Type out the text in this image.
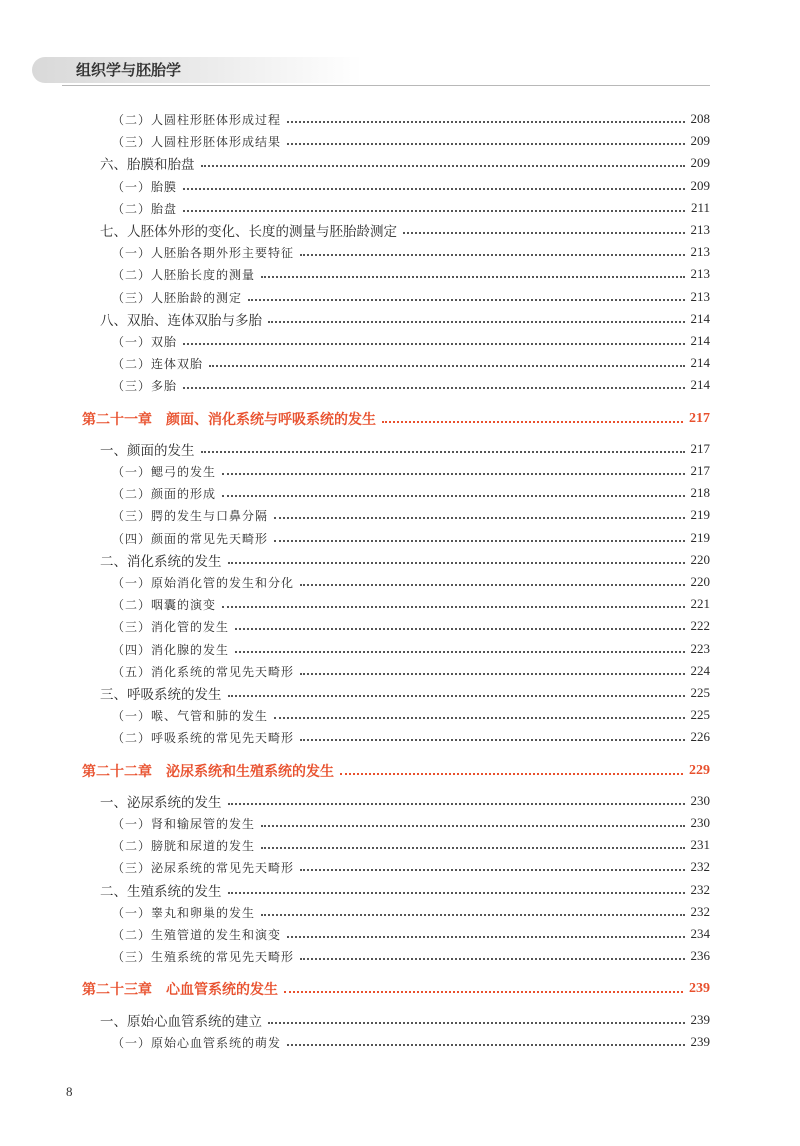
组织学与胚胎学
（二）人圆柱形胚体形成过程	208
（三）人圆柱形胚体形成结果	209
六、胎膜和胎盘	209
（一）胎膜	209
（二）胎盘	211
七、人胚体外形的变化、长度的测量与胚胎龄测定	213
（一）人胚胎各期外形主要特征	213
（二）人胚胎长度的测量	213
（三）人胚胎龄的测定	213
八、双胎、连体双胎与多胎	214
（一）双胎	214
（二）连体双胎	214
（三）多胎	214
第二十一章 颜面、消化系统与呼吸系统的发生	217
一、颜面的发生	217
（一）鳃弓的发生	217
（二）颜面的形成	218
（三）腭的发生与口鼻分隔	219
（四）颜面的常见先天畸形	219
二、消化系统的发生	220
（一）原始消化管的发生和分化	220
（二）咽囊的演变	221
（三）消化管的发生	222
（四）消化腺的发生	223
（五）消化系统的常见先天畸形	224
三、呼吸系统的发生	225
（一）喉、气管和肺的发生	225
（二）呼吸系统的常见先天畸形	226
第二十二章 泌尿系统和生殖系统的发生	229
一、泌尿系统的发生	230
（一）肾和输尿管的发生	230
（二）膀胱和尿道的发生	231
（三）泌尿系统的常见先天畸形	232
二、生殖系统的发生	232
（一）睾丸和卵巢的发生	232
（二）生殖管道的发生和演变	234
（三）生殖系统的常见先天畸形	236
第二十三章 心血管系统的发生	239
一、原始心血管系统的建立	239
（一）原始心血管系统的萌发	239
8
